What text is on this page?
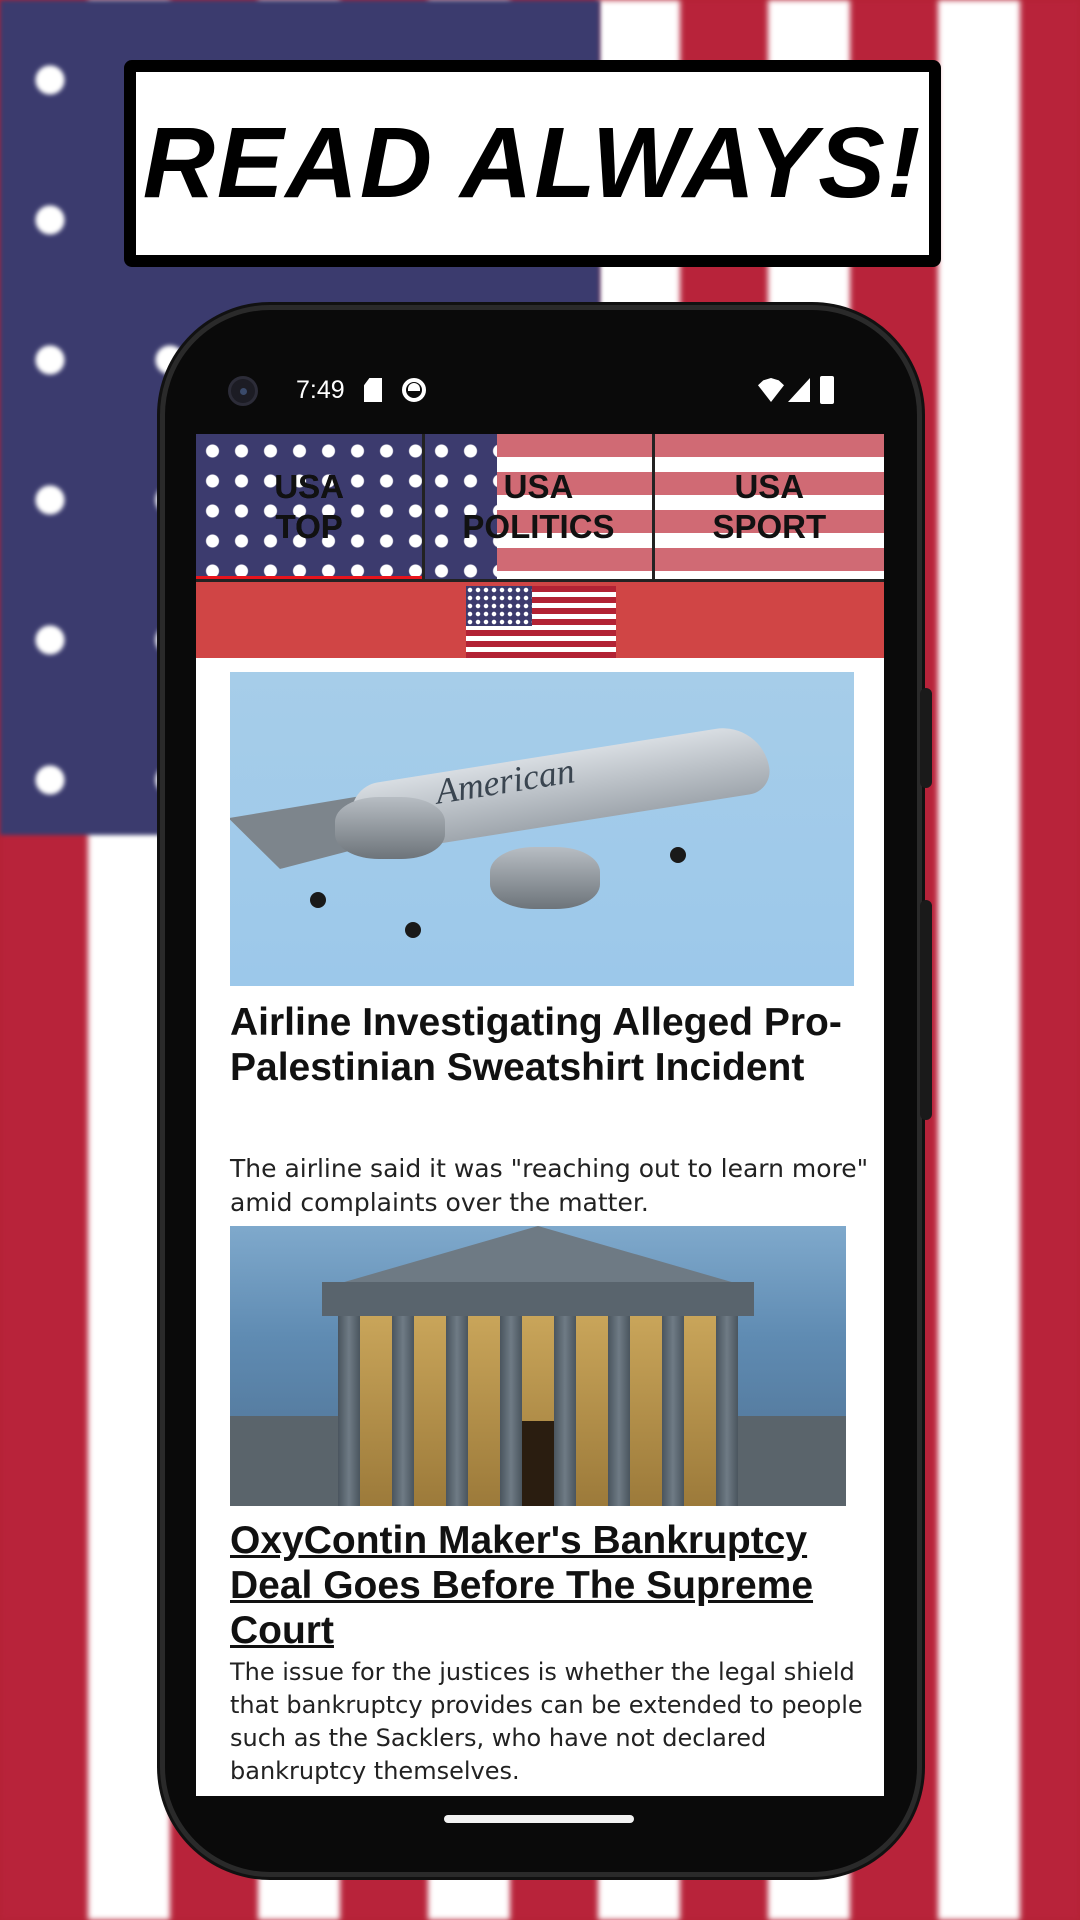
READ ALWAYS!
7:49
USA
TOP
USA
POLITICS
USA
SPORT
American
Airline Investigating Alleged Pro-Palestinian Sweatshirt Incident
The airline said it was "reaching out to learn more" amid complaints over the matter.
OxyContin Maker's Bankruptcy Deal Goes Before The Supreme Court
The issue for the justices is whether the legal shield that bankruptcy provides can be extended to people such as the Sacklers, who have not declared bankruptcy themselves.
